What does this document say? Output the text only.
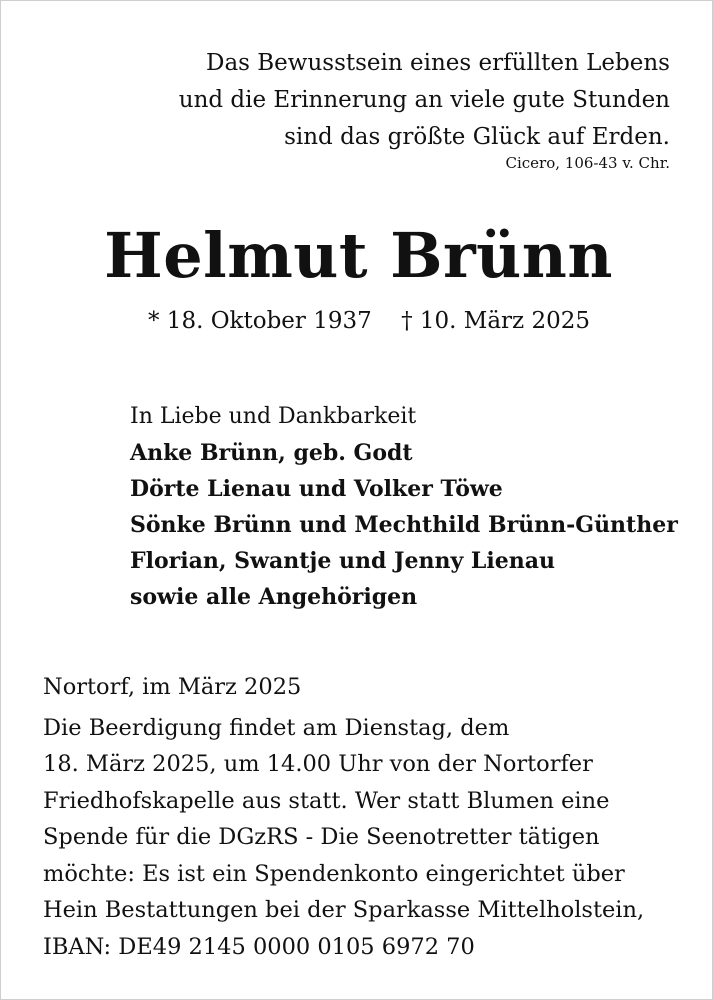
Das Bewusstsein eines erfüllten Lebens
und die Erinnerung an viele gute Stunden
sind das größte Glück auf Erden.
Cicero, 106-43 v. Chr.
Helmut Brünn
* 18. Oktober 1937 † 10. März 2025
In Liebe und Dankbarkeit
Anke Brünn, geb. Godt
Dörte Lienau und Volker Töwe
Sönke Brünn und Mechthild Brünn-Günther
Florian, Swantje und Jenny Lienau
sowie alle Angehörigen
Nortorf, im März 2025
Die Beerdigung findet am Dienstag, dem
18. März 2025, um 14.00 Uhr von der Nortorfer
Friedhofskapelle aus statt. Wer statt Blumen eine
Spende für die DGzRS - Die Seenotretter tätigen
möchte: Es ist ein Spendenkonto eingerichtet über
Hein Bestattungen bei der Sparkasse Mittelholstein,
IBAN: DE49 2145 0000 0105 6972 70
